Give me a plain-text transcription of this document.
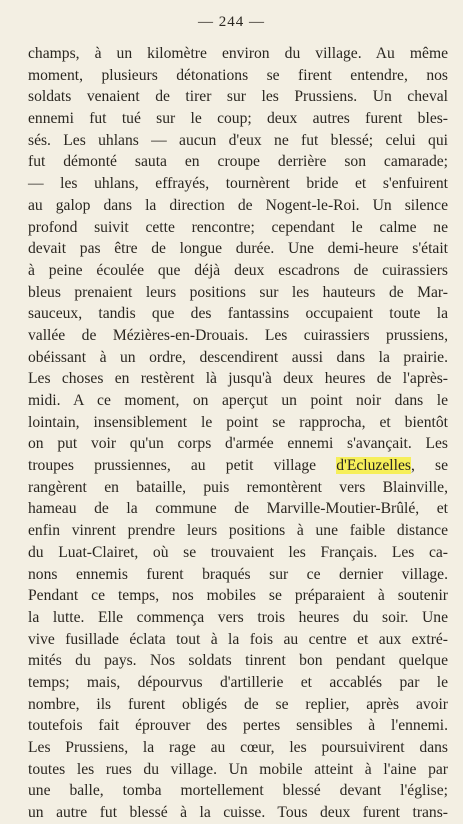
— 244 —
champs, à un kilomètre environ du village. Au même
moment, plusieurs détonations se firent entendre, nos
soldats venaient de tirer sur les Prussiens. Un cheval
ennemi fut tué sur le coup; deux autres furent bles-
sés. Les uhlans — aucun d'eux ne fut blessé; celui qui
fut démonté sauta en croupe derrière son camarade;
— les uhlans, effrayés, tournèrent bride et s'enfuirent
au galop dans la direction de Nogent-le-Roi. Un silence
profond suivit cette rencontre; cependant le calme ne
devait pas être de longue durée. Une demi-heure s'était
à peine écoulée que déjà deux escadrons de cuirassiers
bleus prenaient leurs positions sur les hauteurs de Mar-
sauceux, tandis que des fantassins occupaient toute la
vallée de Mézières-en-Drouais. Les cuirassiers prussiens,
obéissant à un ordre, descendirent aussi dans la prairie.
Les choses en restèrent là jusqu'à deux heures de l'après-
midi. A ce moment, on aperçut un point noir dans le
lointain, insensiblement le point se rapprocha, et bientôt
on put voir qu'un corps d'armée ennemi s'avançait. Les
troupes prussiennes, au petit village d'Ecluzelles, se
rangèrent en bataille, puis remontèrent vers Blainville,
hameau de la commune de Marville-Moutier-Brûlé, et
enfin vinrent prendre leurs positions à une faible distance
du Luat-Clairet, où se trouvaient les Français. Les ca-
nons ennemis furent braqués sur ce dernier village.
Pendant ce temps, nos mobiles se préparaient à soutenir
la lutte. Elle commença vers trois heures du soir. Une
vive fusillade éclata tout à la fois au centre et aux extré-
mités du pays. Nos soldats tinrent bon pendant quelque
temps; mais, dépourvus d'artillerie et accablés par le
nombre, ils furent obligés de se replier, après avoir
toutefois fait éprouver des pertes sensibles à l'ennemi.
Les Prussiens, la rage au cœur, les poursuivirent dans
toutes les rues du village. Un mobile atteint à l'aine par
une balle, tomba mortellement blessé devant l'église;
un autre fut blessé à la cuisse. Tous deux furent trans-
